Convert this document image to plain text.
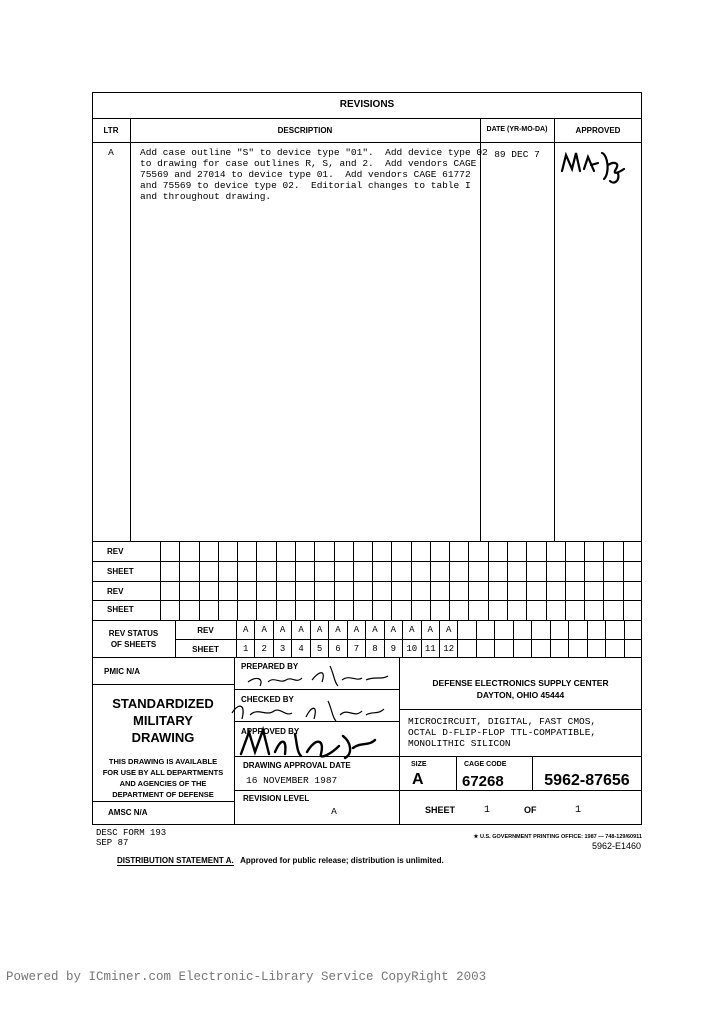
REVISIONS
LTR	DESCRIPTION	DATE (YR-MO-DA)	APPROVED
A	Add case outline "S" to device type "01".  Add device type 02
to drawing for case outlines R, S, and 2.  Add vendors CAGE
75569 and 27014 to device type 01.  Add vendors CAGE 61772
and 75569 to device type 02.  Editorial changes to table I
and throughout drawing.
89 DEC 7
REV
SHEET
REV
SHEET
REV STATUS
OF SHEETS
REV
SHEET
A	A	A	A	A	A	A	A	A	A	A	A
1	2	3	4	5	6	7	8	9	10 11 12
PMIC N/A
STANDARDIZED
MILITARY
DRAWING
THIS DRAWING IS AVAILABLE
FOR USE BY ALL DEPARTMENTS
AND AGENCIES OF THE
DEPARTMENT OF DEFENSE
AMSC N/A
PREPARED BY
CHECKED BY
APPROVED BY
DRAWING APPROVAL DATE
16 NOVEMBER 1987
REVISION LEVEL
A
DEFENSE ELECTRONICS SUPPLY CENTER
DAYTON, OHIO 45444
MICROCIRCUIT, DIGITAL, FAST CMOS,
OCTAL D-FLIP-FLOP TTL-COMPATIBLE,
MONOLITHIC SILICON
SIZE
A
CAGE CODE
67268	5962-87656
SHEET	1	OF	1
DESC FORM 193
SEP 87
★ U.S. GOVERNMENT PRINTING OFFICE: 1987 — 748-129/60911
5962-E1460
DISTRIBUTION STATEMENT A. Approved for public release; distribution is unlimited.
Powered by ICminer.com Electronic-Library Service CopyRight 2003
